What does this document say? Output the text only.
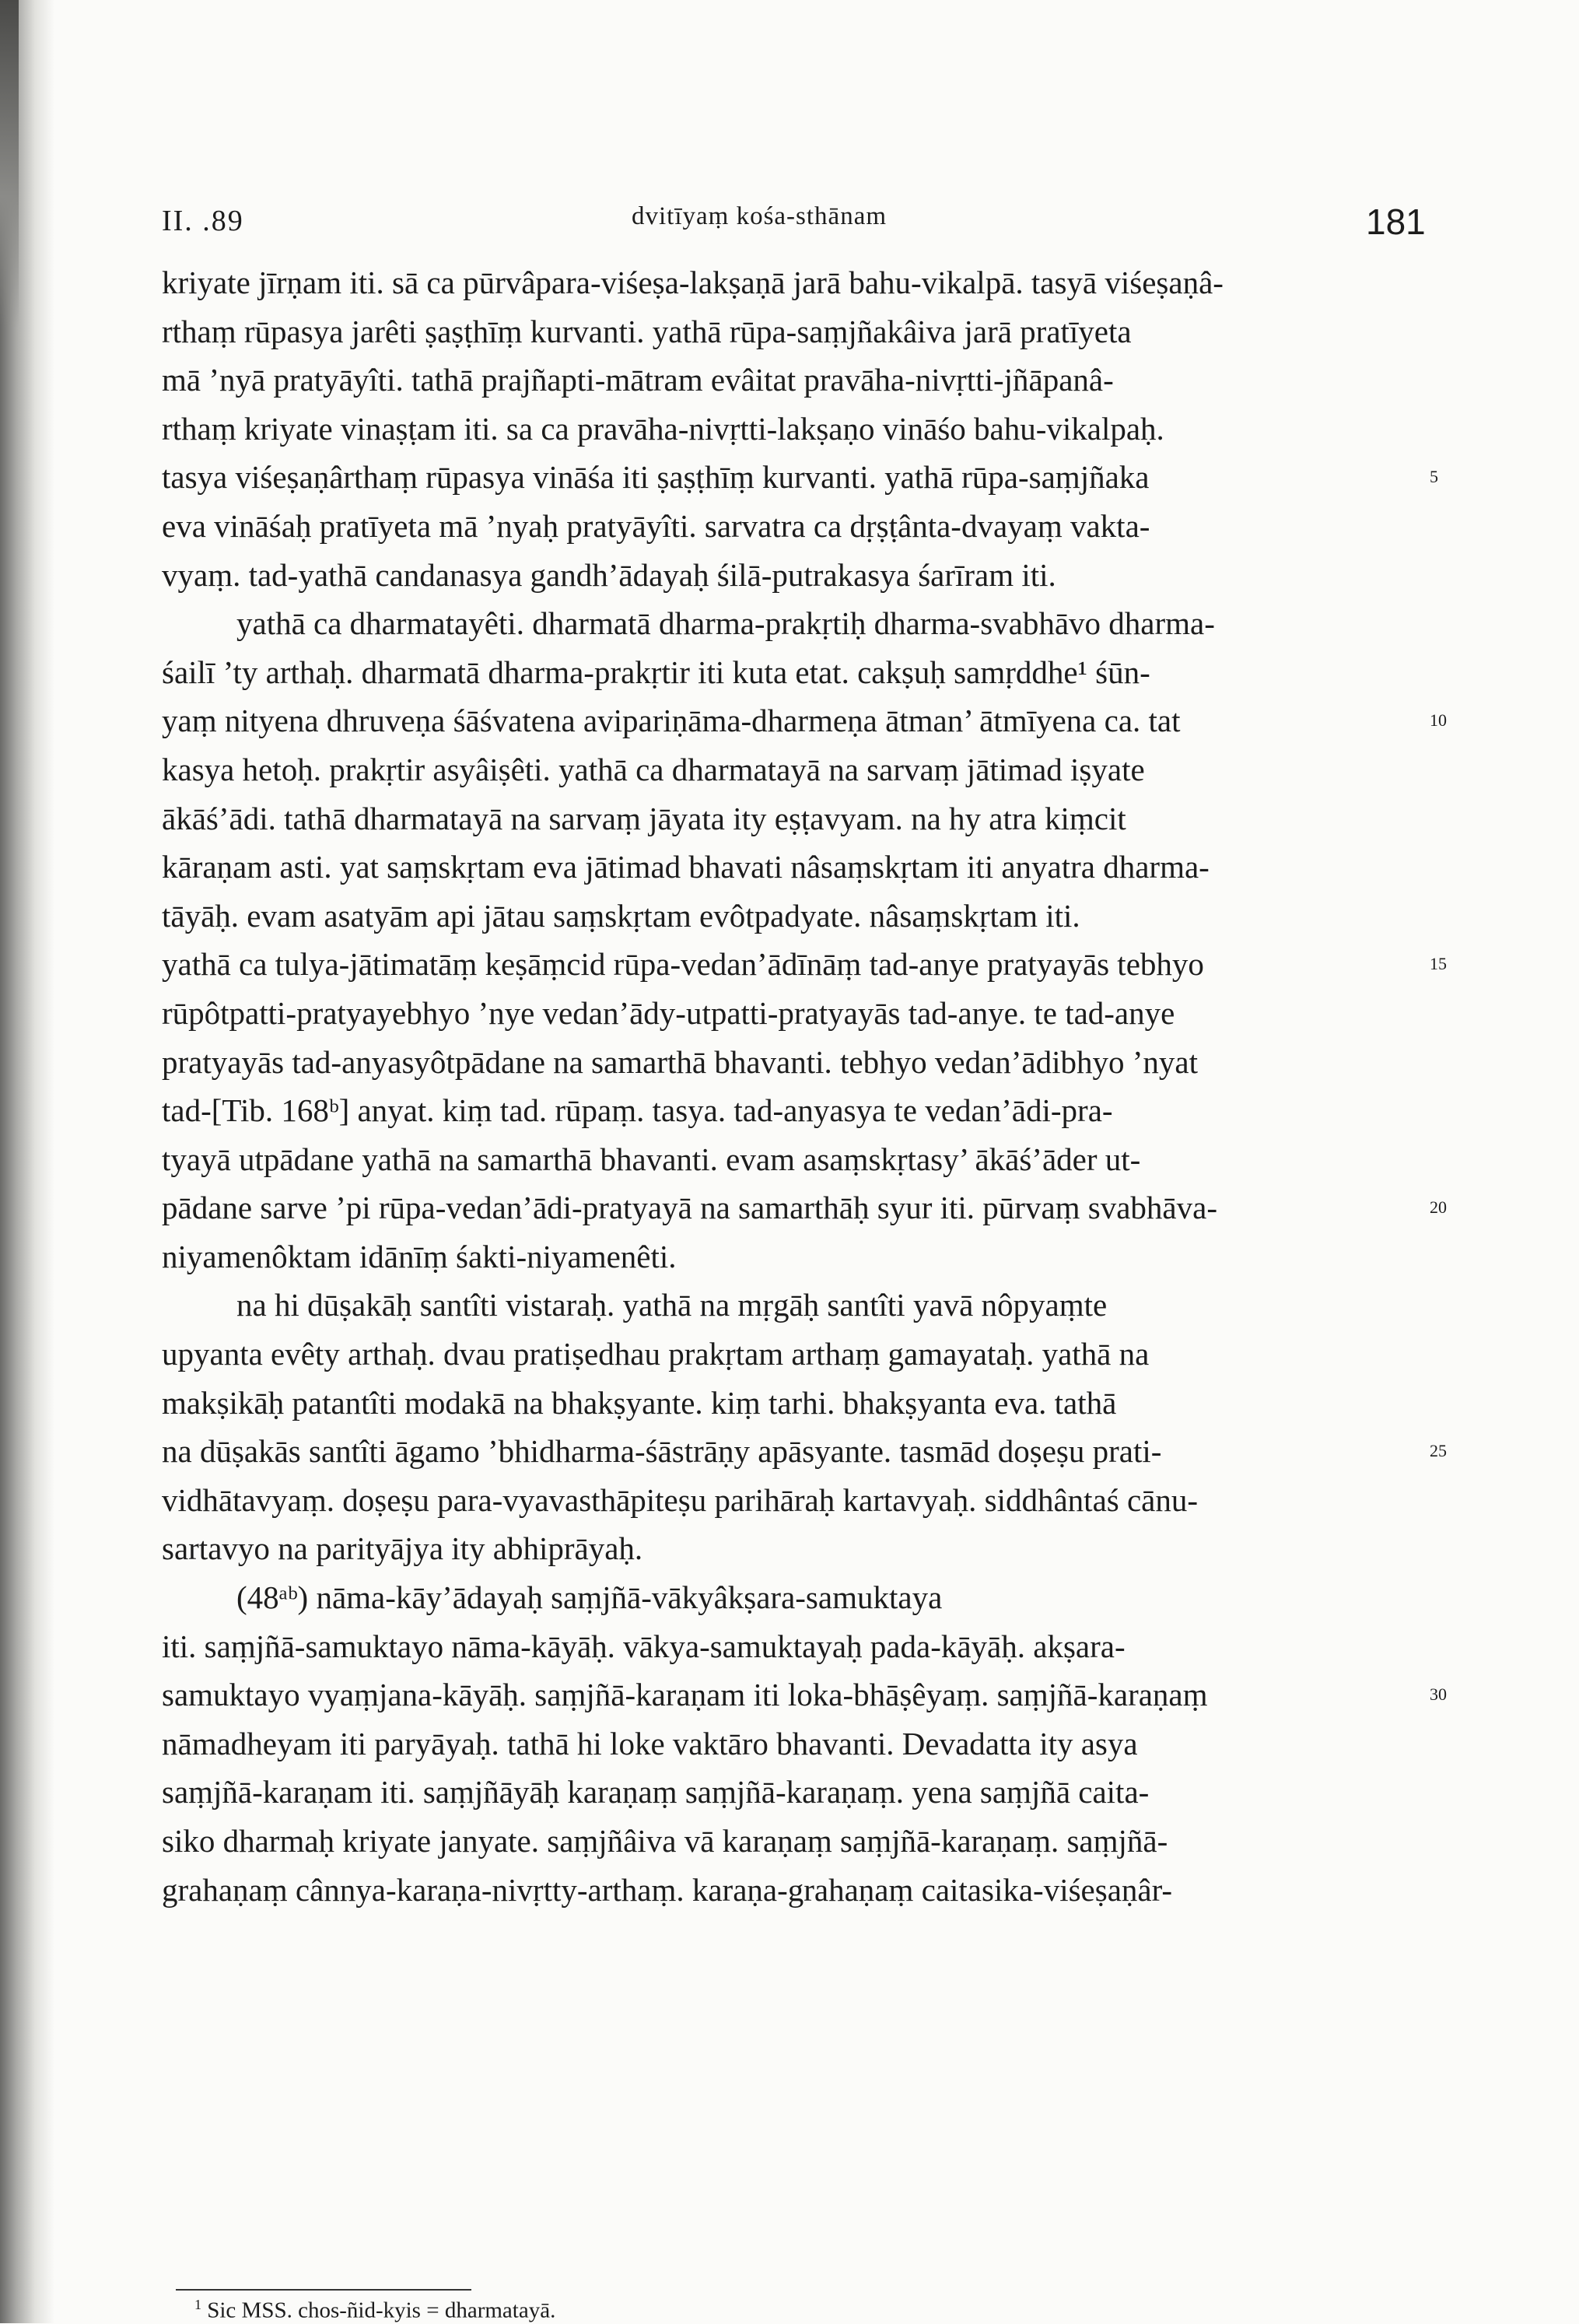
II. .89	dvitīyaṃ kośa-sthānam	181
kriyate jīrṇam iti. sā ca pūrvâpara-viśeṣa-lakṣaṇā jarā bahu-vikalpā. tasyā viśeṣaṇâ-
rthaṃ rūpasya jarêti ṣaṣṭhīṃ kurvanti. yathā rūpa-saṃjñakâiva jarā pratīyeta
mā ’nyā pratyāyîti. tathā prajñapti-mātram evâitat pravāha-nivṛtti-jñāpanâ-
rthaṃ kriyate vinaṣṭam iti. sa ca pravāha-nivṛtti-lakṣaṇo vināśo bahu-vikalpaḥ.
tasya viśeṣaṇârthaṃ rūpasya vināśa iti ṣaṣṭhīṃ kurvanti. yathā rūpa-saṃjñaka	5
eva vināśaḥ pratīyeta mā ’nyaḥ pratyāyîti. sarvatra ca dṛṣṭânta-dvayaṃ vakta-
vyaṃ. tad-yathā candanasya gandh’ādayaḥ śilā-putrakasya śarīram iti.
yathā ca dharmatayêti. dharmatā dharma-prakṛtiḥ dharma-svabhāvo dharma-
śailī ’ty arthaḥ. dharmatā dharma-prakṛtir iti kuta etat. cakṣuḥ samṛddhe¹ śūn-
yaṃ nityena dhruveṇa śāśvatena avipariṇāma-dharmeṇa ātman’ ātmīyena ca. tat	10
kasya hetoḥ. prakṛtir asyâiṣêti. yathā ca dharmatayā na sarvaṃ jātimad iṣyate
ākāś’ādi. tathā dharmatayā na sarvaṃ jāyata ity eṣṭavyam. na hy atra kiṃcit
kāraṇam asti. yat saṃskṛtam eva jātimad bhavati nâsaṃskṛtam iti anyatra dharma-
tāyāḥ. evam asatyām api jātau saṃskṛtam evôtpadyate. nâsaṃskṛtam iti.
yathā ca tulya-jātimatāṃ keṣāṃcid rūpa-vedan’ādīnāṃ tad-anye pratyayās tebhyo	15
rūpôtpatti-pratyayebhyo ’nye vedan’ādy-utpatti-pratyayās tad-anye. te tad-anye
pratyayās tad-anyasyôtpādane na samarthā bhavanti. tebhyo vedan’ādibhyo ’nyat
tad-[Tib. 168ᵇ] anyat. kiṃ tad. rūpaṃ. tasya. tad-anyasya te vedan’ādi-pra-
tyayā utpādane yathā na samarthā bhavanti. evam asaṃskṛtasy’ ākāś’āder ut-
pādane sarve ’pi rūpa-vedan’ādi-pratyayā na samarthāḥ syur iti. pūrvaṃ svabhāva-	20
niyamenôktam idānīṃ śakti-niyamenêti.
na hi dūṣakāḥ santîti vistaraḥ. yathā na mṛgāḥ santîti yavā nôpyaṃte
upyanta evêty arthaḥ. dvau pratiṣedhau prakṛtam arthaṃ gamayataḥ. yathā na
makṣikāḥ patantîti modakā na bhakṣyante. kiṃ tarhi. bhakṣyanta eva. tathā
na dūṣakās santîti āgamo ’bhidharma-śāstrāṇy apāsyante. tasmād doṣeṣu prati-	25
vidhātavyaṃ. doṣeṣu para-vyavasthāpiteṣu parihāraḥ kartavyaḥ. siddhântaś cānu-
sartavyo na parityājya ity abhiprāyaḥ.
(48ᵃᵇ) nāma-kāy’ādayaḥ saṃjñā-vākyâkṣara-samuktaya
iti. saṃjñā-samuktayo nāma-kāyāḥ. vākya-samuktayaḥ pada-kāyāḥ. akṣara-
samuktayo vyaṃjana-kāyāḥ. saṃjñā-karaṇam iti loka-bhāṣêyaṃ. saṃjñā-karaṇaṃ	30
nāmadheyam iti paryāyaḥ. tathā hi loke vaktāro bhavanti. Devadatta ity asya
saṃjñā-karaṇam iti. saṃjñāyāḥ karaṇaṃ saṃjñā-karaṇaṃ. yena saṃjñā caita-
siko dharmaḥ kriyate janyate. saṃjñâiva vā karaṇaṃ saṃjñā-karaṇaṃ. saṃjñā-
grahaṇaṃ cânnya-karaṇa-nivṛtty-arthaṃ. karaṇa-grahaṇaṃ caitasika-viśeṣaṇâr-
$^1$ Sic MSS. chos-ñid-kyis = dharmatayā.
